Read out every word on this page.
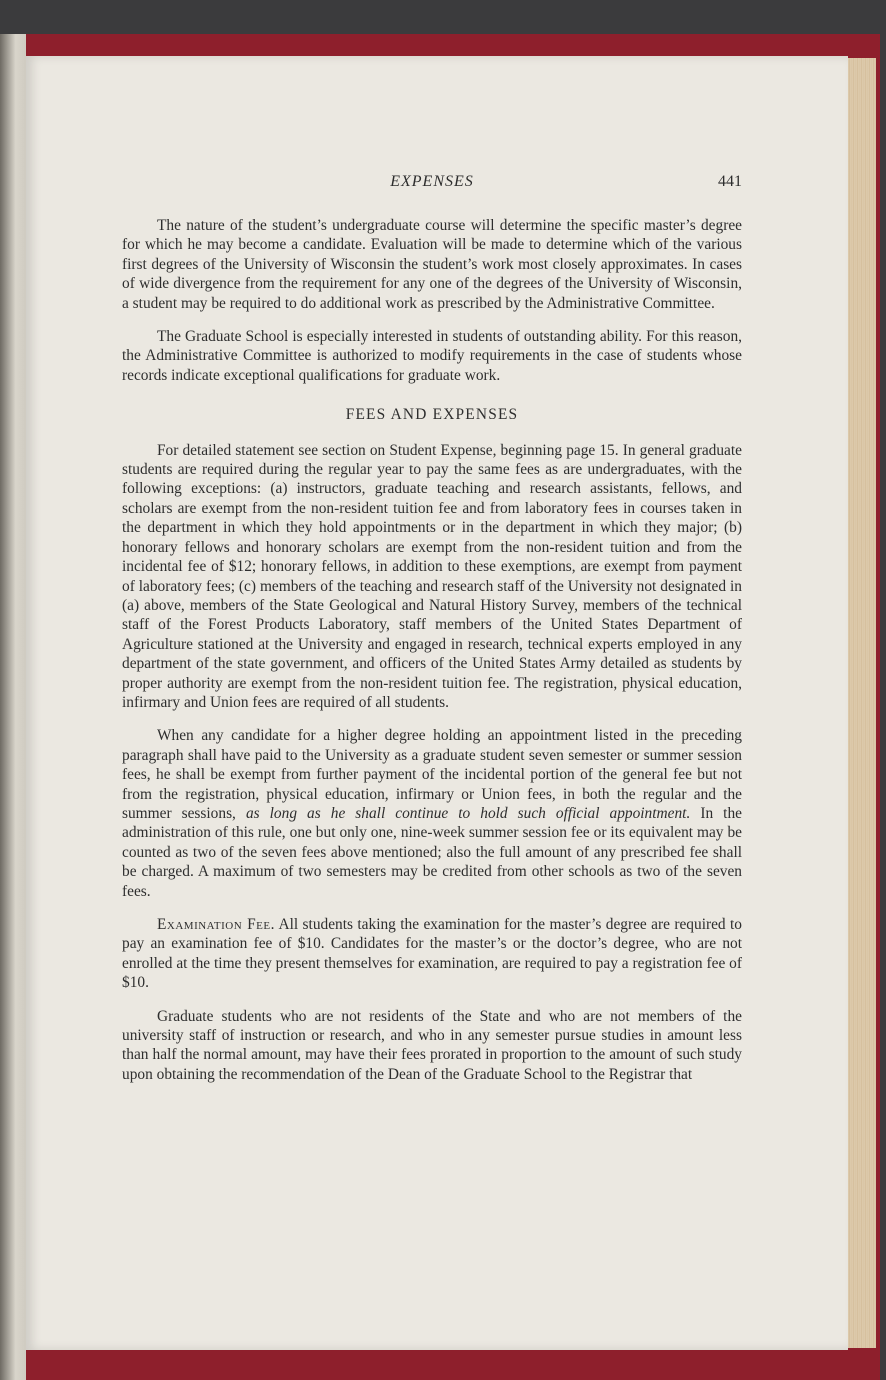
EXPENSES	441

The nature of the student’s undergraduate course will determine the specific master’s degree for which he may become a candidate. Evaluation will be made to determine which of the various first degrees of the University of Wisconsin the student’s work most closely approximates. In cases of wide divergence from the requirement for any one of the degrees of the University of Wisconsin, a student may be required to do additional work as prescribed by the Administrative Committee.

The Graduate School is especially interested in students of outstanding ability. For this reason, the Administrative Committee is authorized to modify requirements in the case of students whose records indicate exceptional qualifications for graduate work.

FEES AND EXPENSES

For detailed statement see section on Student Expense, beginning page 15. In general graduate students are required during the regular year to pay the same fees as are undergraduates, with the following exceptions: (a) instructors, graduate teaching and research assistants, fellows, and scholars are exempt from the non-resident tuition fee and from laboratory fees in courses taken in the department in which they hold appointments or in the department in which they major; (b) honorary fellows and honorary scholars are exempt from the non-resident tuition and from the incidental fee of $12; honorary fellows, in addition to these exemptions, are exempt from payment of laboratory fees; (c) members of the teaching and research staff of the University not designated in (a) above, members of the State Geological and Natural History Survey, members of the technical staff of the Forest Products Laboratory, staff members of the United States Department of Agriculture stationed at the University and engaged in research, technical experts employed in any department of the state government, and officers of the United States Army detailed as students by proper authority are exempt from the non-resident tuition fee. The registration, physical education, infirmary and Union fees are required of all students.

When any candidate for a higher degree holding an appointment listed in the preceding paragraph shall have paid to the University as a graduate student seven semester or summer session fees, he shall be exempt from further payment of the incidental portion of the general fee but not from the registration, physical education, infirmary or Union fees, in both the regular and the summer sessions, as long as he shall continue to hold such official appointment. In the administration of this rule, one but only one, nine-week summer session fee or its equivalent may be counted as two of the seven fees above mentioned; also the full amount of any prescribed fee shall be charged. A maximum of two semesters may be credited from other schools as two of the seven fees.

Examination Fee. All students taking the examination for the master’s degree are required to pay an examination fee of $10. Candidates for the master’s or the doctor’s degree, who are not enrolled at the time they present themselves for examination, are required to pay a registration fee of $10.

Graduate students who are not residents of the State and who are not members of the university staff of instruction or research, and who in any semester pursue studies in amount less than half the normal amount, may have their fees prorated in proportion to the amount of such study upon obtaining the recommendation of the Dean of the Graduate School to the Registrar that
